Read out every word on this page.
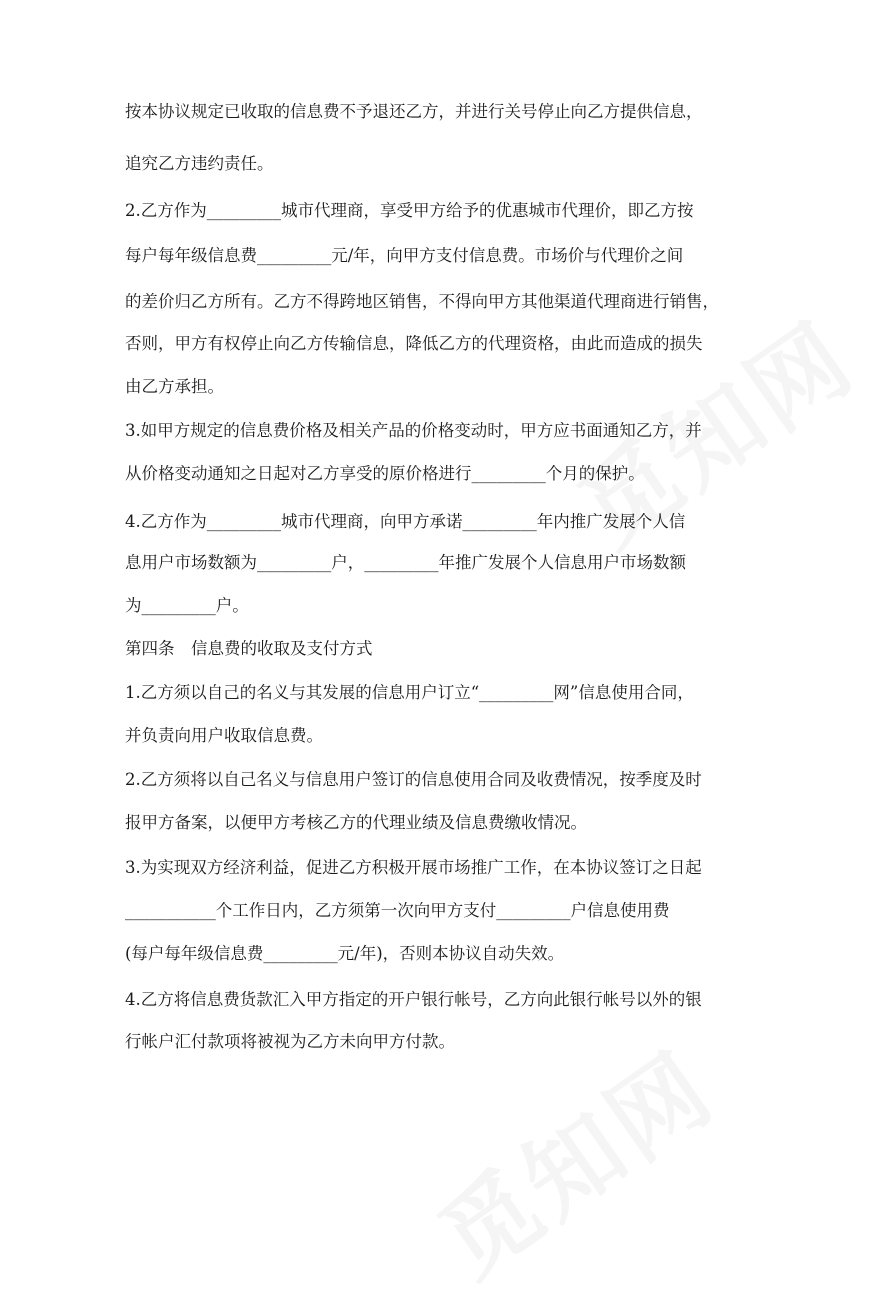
觅知网
觅知网

按本协议规定已收取的信息费不予退还乙方，并进行关号停止向乙方提供信息，

追究乙方违约责任。

2.乙方作为_________城市代理商，享受甲方给予的优惠城市代理价，即乙方按

每户每年级信息费_________元/年，向甲方支付信息费。市场价与代理价之间

的差价归乙方所有。乙方不得跨地区销售，不得向甲方其他渠道代理商进行销售，

否则，甲方有权停止向乙方传输信息，降低乙方的代理资格，由此而造成的损失

由乙方承担。

3.如甲方规定的信息费价格及相关产品的价格变动时，甲方应书面通知乙方，并

从价格变动通知之日起对乙方享受的原价格进行_________个月的保护。

4.乙方作为_________城市代理商，向甲方承诺_________年内推广发展个人信

息用户市场数额为_________户，_________年推广发展个人信息用户市场数额

为_________户。

第四条　信息费的收取及支付方式

1.乙方须以自己的名义与其发展的信息用户订立“_________网”信息使用合同，

并负责向用户收取信息费。

2.乙方须将以自己名义与信息用户签订的信息使用合同及收费情况，按季度及时

报甲方备案，以便甲方考核乙方的代理业绩及信息费缴收情况。

3.为实现双方经济利益，促进乙方积极开展市场推广工作，在本协议签订之日起

___________个工作日内，乙方须第一次向甲方支付_________户信息使用费

(每户每年级信息费_________元/年)，否则本协议自动失效。

4.乙方将信息费货款汇入甲方指定的开户银行帐号，乙方向此银行帐号以外的银

行帐户汇付款项将被视为乙方未向甲方付款。
